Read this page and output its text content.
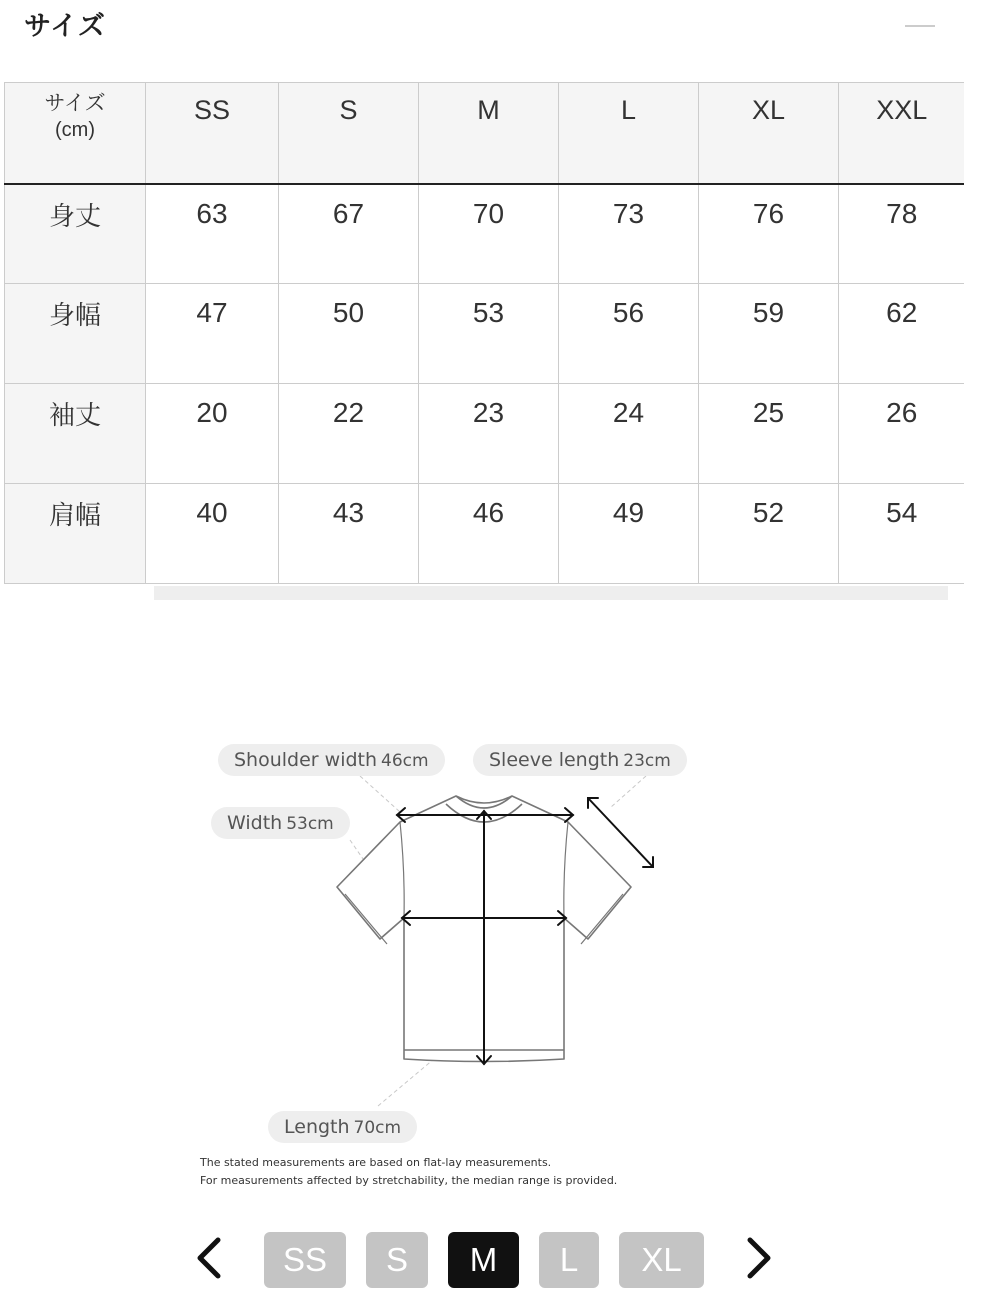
サイズ
サイズ
(cm)	SS	S	M	L	XL	XXL
身丈	63	67	70	73	76	78
身幅	47	50	53	56	59	62
袖丈	20	22	23	24	25	26
肩幅	40	43	46	49	52	54
Shoulder width 46cm	Sleeve length 23cm
Width 53cm
Length 70cm
The stated measurements are based on flat-lay measurements.
For measurements affected by stretchability, the median range is provided.
SS	S	M	L	XL
